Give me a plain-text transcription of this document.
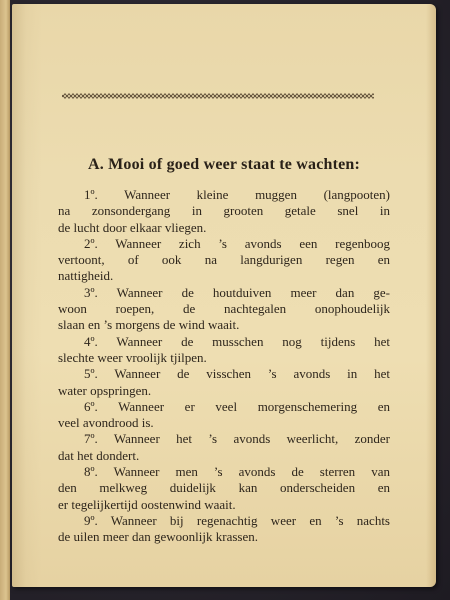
A. Mooi of goed weer staat te wachten:
1º. Wanneer kleine muggen (langpooten)
na zonsondergang in grooten getale snel in
de lucht door elkaar vliegen.
2º. Wanneer zich ’s avonds een regenboog
vertoont, of ook na langdurigen regen en
nattigheid.
3º. Wanneer de houtduiven meer dan ge-
woon roepen, de nachtegalen onophoudelijk
slaan en ’s morgens de wind waait.
4º. Wanneer de musschen nog tijdens het
slechte weer vroolijk tjilpen.
5º. Wanneer de visschen ’s avonds in het
water opspringen.
6º. Wanneer er veel morgenschemering en
veel avondrood is.
7º. Wanneer het ’s avonds weerlicht, zonder
dat het dondert.
8º. Wanneer men ’s avonds de sterren van
den melkweg duidelijk kan onderscheiden en
er tegelijkertijd oostenwind waait.
9º. Wanneer bij regenachtig weer en ’s nachts
de uilen meer dan gewoonlijk krassen.
